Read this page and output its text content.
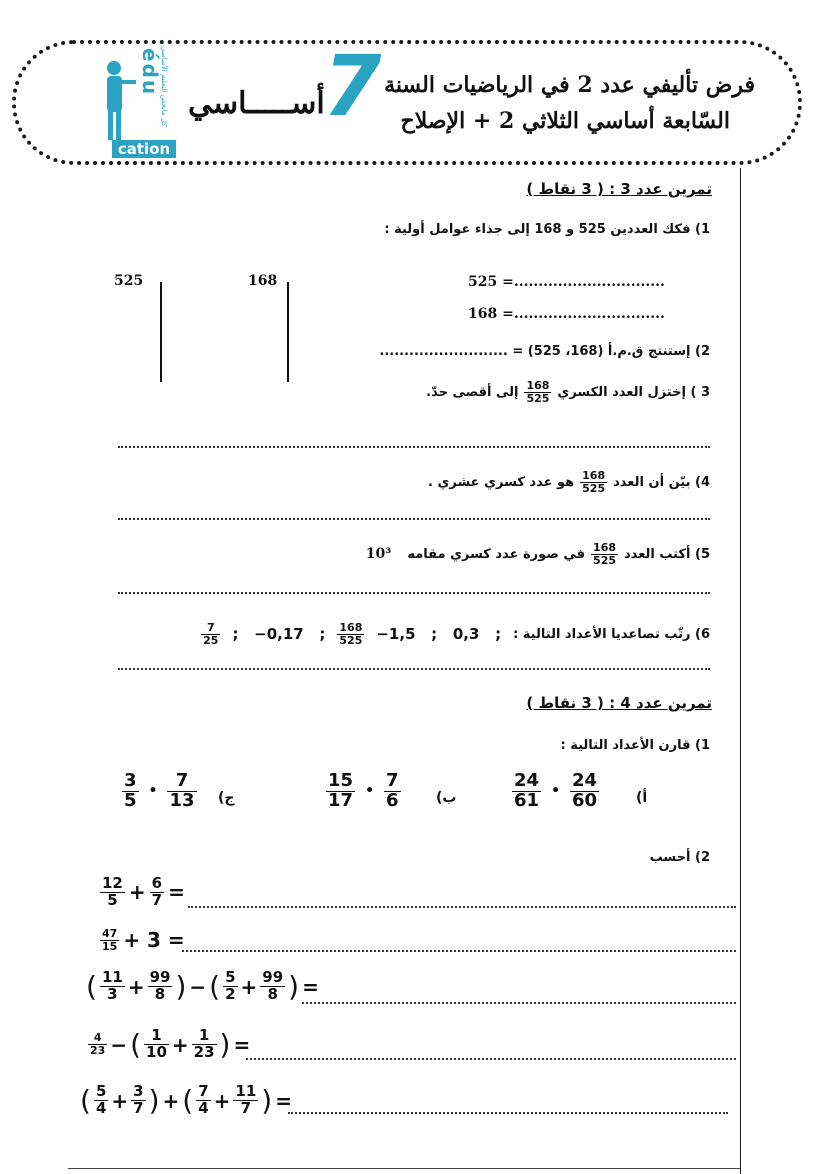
فرض تأليفي عدد 2 في الرياضيات السنة
السّابعة أساسي الثلاثي 2 + الإصلاح
7
أســـــاسي
édu
كل مايخص التعليم الأساسي
cation
تمرين عدد 3 : ( 3 نقاط )
1) فكك العددين 525 و 168 إلى جذاء عوامل أولية :
525	168	525 =...............................
168 =...............................
2) إستنتج ق.م.أ (168، 525) = ..........................
3 ) إختزل العدد الكسري
$\frac{168}{525}$
إلى أقصى حدّ.
4) بيّن أن العدد
$\frac{168}{525}$
هو عدد كسري عشري .
5) أكتب العدد
$\frac{168}{525}$
في صورة عدد كسري مقامه
10³
6) رتّب تصاعديا الأعداد التالية :
−1,5   ;   0,3   ;
$\frac{168}{525}$
;   −0,17   ;
$\frac{7}{25}$
تمرين عدد 4 : ( 3 نقاط )
1) قارن الأعداد التالية :
$\frac{24}{61}$ • $\frac{24}{60}$	أ)
$\frac{15}{17}$ • $\frac{7}{6}$	ب)
$\frac{3}{5}$ • $\frac{7}{13}$ ج)
2) أحسب
$\frac{12}{5} + \frac{6}{7}$ =
$\frac{47}{15} + 3$ =
( $\frac{11}{3} + \frac{99}{8}$ ) − ( $\frac{5}{2} + \frac{99}{8}$ ) =
$\frac{4}{23}$ − ( $\frac{1}{10} + \frac{1}{23}$ ) =
( $\frac{5}{4} + \frac{3}{7}$ ) + ( $\frac{7}{4} + \frac{11}{7}$ ) =
